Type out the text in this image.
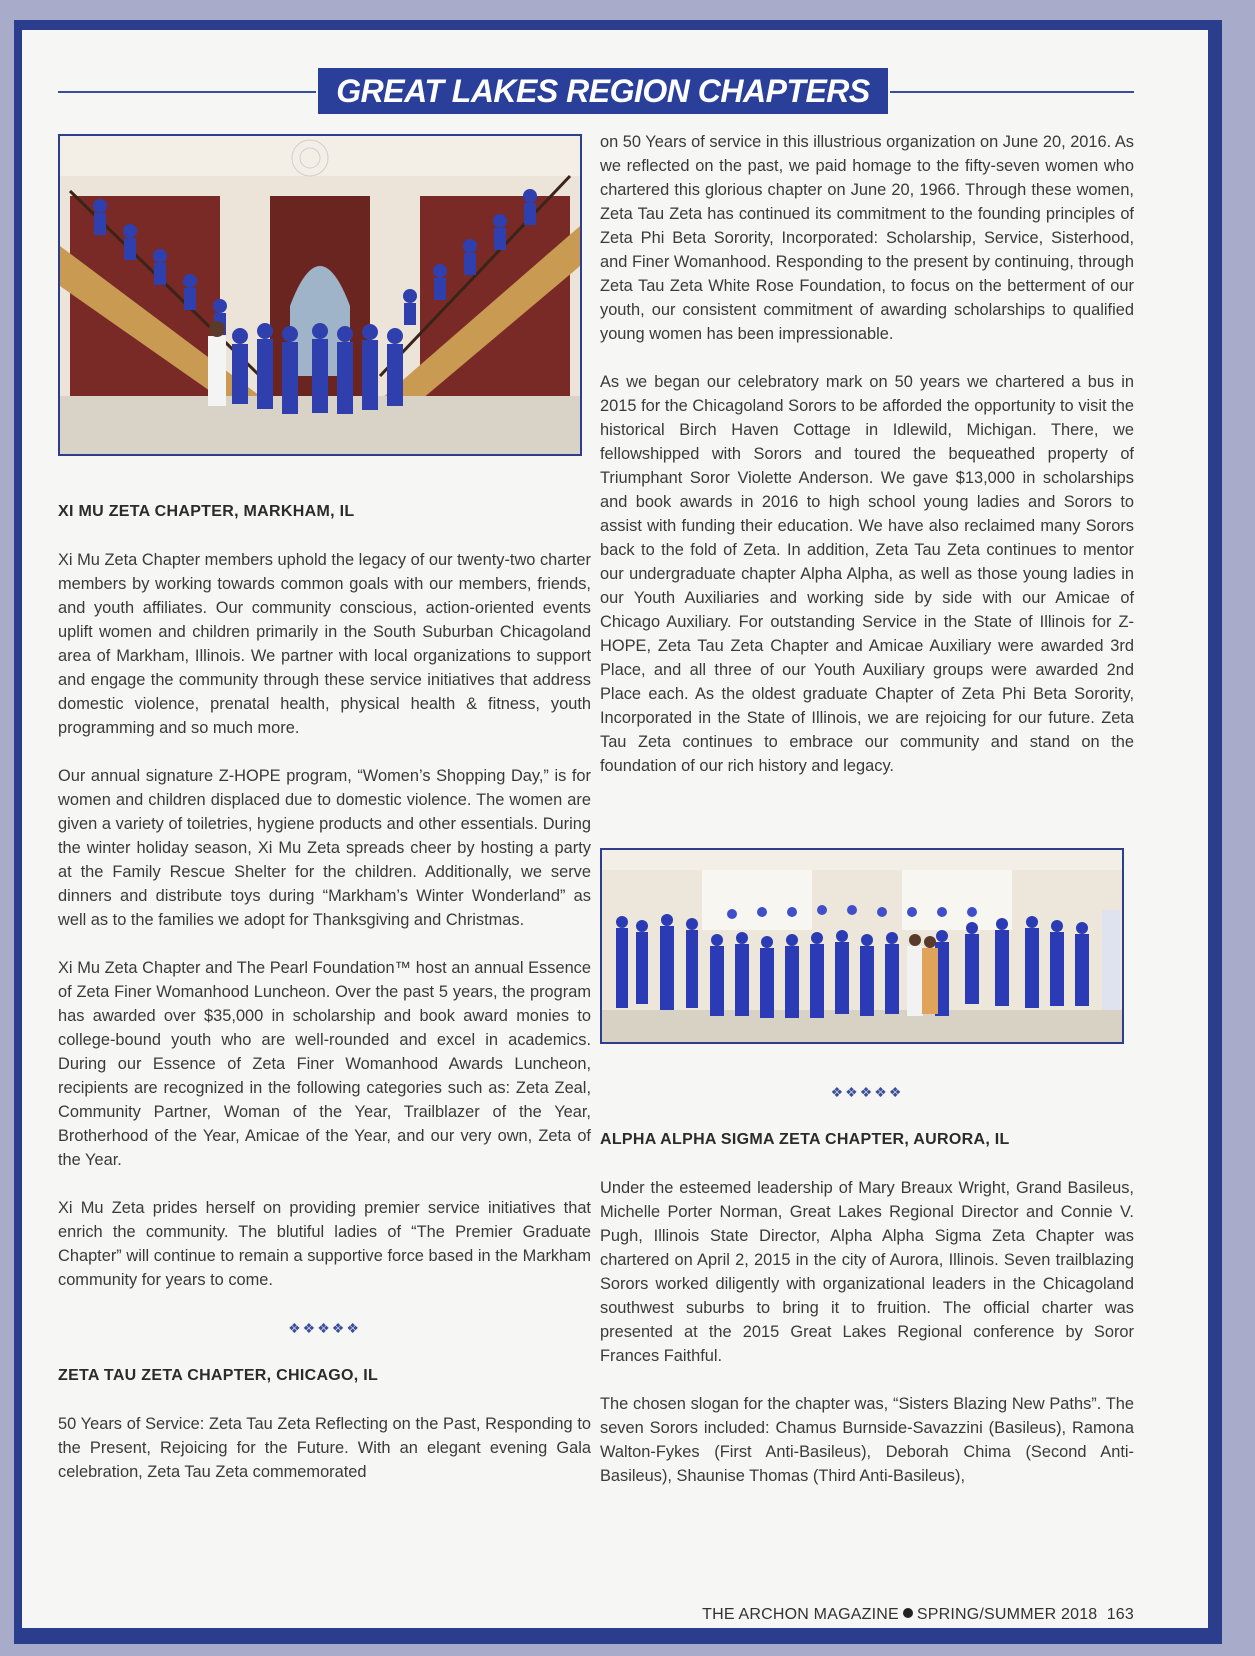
GREAT LAKES REGION CHAPTERS
XI MU ZETA CHAPTER, MARKHAM, IL

Xi Mu Zeta Chapter members uphold the legacy of our twenty-two charter members by working towards common goals with our members, friends, and youth affiliates. Our community conscious, action-oriented events uplift women and children primarily in the South Suburban Chicagoland area of Markham, Illinois. We partner with local organizations to support and engage the community through these service initiatives that address domestic violence, prenatal health, physical health & fitness, youth programming and so much more.

Our annual signature Z-HOPE program, “Women’s Shopping Day,” is for women and children displaced due to domestic violence. The women are given a variety of toiletries, hygiene products and other essentials. During the winter holiday season, Xi Mu Zeta spreads cheer by hosting a party at the Family Rescue Shelter for the children. Additionally, we serve dinners and distribute toys during “Markham’s Winter Wonderland” as well as to the families we adopt for Thanksgiving and Christmas.

Xi Mu Zeta Chapter and The Pearl Foundation™ host an annual Essence of Zeta Finer Womanhood Luncheon. Over the past 5 years, the program has awarded over $35,000 in scholarship and book award monies to college-bound youth who are well-rounded and excel in academics. During our Essence of Zeta Finer Womanhood Awards Luncheon, recipients are recognized in the following categories such as: Zeta Zeal, Community Partner, Woman of the Year, Trailblazer of the Year, Brotherhood of the Year, Amicae of the Year, and our very own, Zeta of the Year.

Xi Mu Zeta prides herself on providing premier service initiatives that enrich the community. The blutiful ladies of “The Premier Graduate Chapter” will continue to remain a supportive force based in the Markham community for years to come.

❖❖❖❖❖
ZETA TAU ZETA CHAPTER, CHICAGO, IL

50 Years of Service: Zeta Tau Zeta Reflecting on the Past, Responding to the Present, Rejoicing for the Future. With an elegant evening Gala celebration, Zeta Tau Zeta commemorated

on 50 Years of service in this illustrious organization on June 20, 2016. As we reflected on the past, we paid homage to the fifty-seven women who chartered this glorious chapter on June 20, 1966. Through these women, Zeta Tau Zeta has continued its commitment to the founding principles of Zeta Phi Beta Sorority, Incorporated: Scholarship, Service, Sisterhood, and Finer Womanhood. Responding to the present by continuing, through Zeta Tau Zeta White Rose Foundation, to focus on the betterment of our youth, our consistent commitment of awarding scholarships to qualified young women has been impressionable.

As we began our celebratory mark on 50 years we chartered a bus in 2015 for the Chicagoland Sorors to be afforded the opportunity to visit the historical Birch Haven Cottage in Idlewild, Michigan. There, we fellowshipped with Sorors and toured the bequeathed property of Triumphant Soror Violette Anderson. We gave $13,000 in scholarships and book awards in 2016 to high school young ladies and Sorors to assist with funding their education. We have also reclaimed many Sorors back to the fold of Zeta. In addition, Zeta Tau Zeta continues to mentor our undergraduate chapter Alpha Alpha, as well as those young ladies in our Youth Auxiliaries and working side by side with our Amicae of Chicago Auxiliary. For outstanding Service in the State of Illinois for Z-HOPE, Zeta Tau Zeta Chapter and Amicae Auxiliary were awarded 3rd Place, and all three of our Youth Auxiliary groups were awarded 2nd Place each. As the oldest graduate Chapter of Zeta Phi Beta Sorority, Incorporated in the State of Illinois, we are rejoicing for our future. Zeta Tau Zeta continues to embrace our community and stand on the foundation of our rich history and legacy.

❖❖❖❖❖
ALPHA ALPHA SIGMA ZETA CHAPTER, AURORA, IL

Under the esteemed leadership of Mary Breaux Wright, Grand Basileus, Michelle Porter Norman, Great Lakes Regional Director and Connie V. Pugh, Illinois State Director, Alpha Alpha Sigma Zeta Chapter was chartered on April 2, 2015 in the city of Aurora, Illinois. Seven trailblazing Sorors worked diligently with organizational leaders in the Chicagoland southwest suburbs to bring it to fruition. The official charter was presented at the 2015 Great Lakes Regional conference by Soror Frances Faithful.

The chosen slogan for the chapter was, “Sisters Blazing New Paths”. The seven Sorors included: Chamus Burnside-Savazzini (Basileus), Ramona Walton-Fykes (First Anti-Basileus), Deborah Chima (Second Anti-Basileus), Shaunise Thomas (Third Anti-Basileus),

THE ARCHON MAGAZINE SPRING/SUMMER 2018 163
